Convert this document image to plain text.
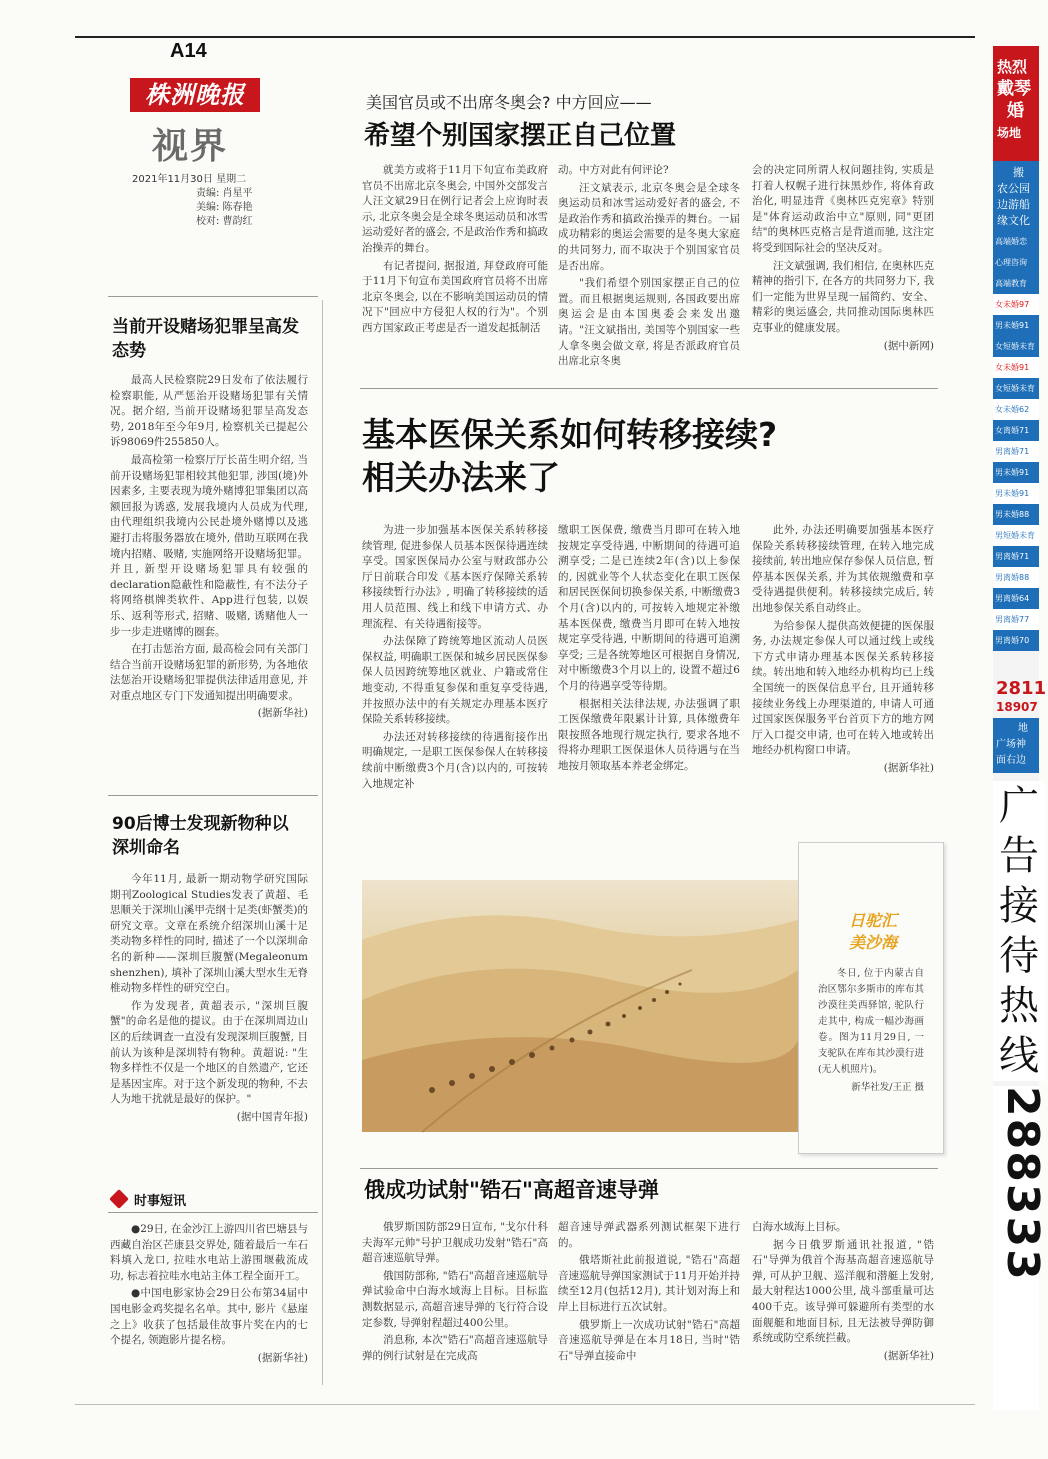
A14
株洲晚报
视界
2021年11月30日 星期二
责编: 肖星平
美编: 陈春艳
校对: 曹韵红
美国官员或不出席冬奥会? 中方回应——
希望个别国家摆正自己位置

就美方或将于11月下旬宣布美政府官员不出席北京冬奥会, 中国外交部发言人汪文斌29日在例行记者会上应询时表示, 北京冬奥会是全球冬奥运动员和冰雪运动爱好者的盛会, 不是政治作秀和搞政治操弄的舞台。

有记者提问, 据报道, 拜登政府可能于11月下旬宣布美国政府官员将不出席北京冬奥会, 以在不影响美国运动员的情况下"回应中方侵犯人权的行为"。个别西方国家政正考虑是否一道发起抵制活

动。中方对此有何评论?

汪文斌表示, 北京冬奥会是全球冬奥运动员和冰雪运动爱好者的盛会, 不是政治作秀和搞政治操弄的舞台。一届成功精彩的奥运会需要的是冬奥大家庭的共同努力, 而不取决于个别国家官员是否出席。

"我们希望个别国家摆正自己的位置。而且根据奥运规则, 各国政要出席奥运会是由本国奥委会来发出邀请。"汪文斌指出, 美国等个别国家一些人拿冬奥会做文章, 将是否派政府官员出席北京冬奥

会的决定同所谓人权问题挂钩, 实质是打着人权幌子进行抹黑炒作, 将体育政治化, 明显违背《奥林匹克宪章》特别是"体育运动政治中立"原则, 同"更团结"的奥林匹克格言是背道而驰, 这注定将受到国际社会的坚决反对。

汪文斌强调, 我们相信, 在奥林匹克精神的指引下, 在各方的共同努力下, 我们一定能为世界呈现一届简约、安全、精彩的奥运盛会, 共同推动国际奥林匹克事业的健康发展。

(据中新网)

当前开设赌场犯罪呈高发态势

最高人民检察院29日发布了依法履行检察职能, 从严惩治开设赌场犯罪有关情况。据介绍, 当前开设赌场犯罪呈高发态势, 2018年至今年9月, 检察机关已提起公诉98069件255850人。

最高检第一检察厅厅长苗生明介绍, 当前开设赌场犯罪相较其他犯罪, 涉国(境)外因素多, 主要表现为境外赌博犯罪集团以高额回报为诱惑, 发展我境内人员成为代理, 由代理组织我境内公民赴境外赌博以及逃避打击将服务器放在境外, 借助互联网在我境内招赌、吸赌, 实施网络开设赌场犯罪。并且, 新型开设赌场犯罪具有较强的declaration隐蔽性和隐蔽性, 有不法分子将网络棋牌类软件、App进行包装, 以娱乐、返利等形式, 招赌、吸赌, 诱赌他人一步一步走进赌博的圈套。

在打击惩治方面, 最高检会同有关部门结合当前开设赌场犯罪的新形势, 为各地依法惩治开设赌场犯罪提供法律适用意见, 并对重点地区专门下发通知提出明确要求。

(据新华社)

90后博士发现新物种以深圳命名

今年11月, 最新一期动物学研究国际期刊Zoological Studies发表了黄超、毛思顺关于深圳山溪甲壳纲十足类(虾蟹类)的研究文章。文章在系统介绍深圳山溪十足类动物多样性的同时, 描述了一个以深圳命名的新种——深圳巨腹蟹(Megaleonum shenzhen), 填补了深圳山溪大型水生无脊椎动物多样性的研究空白。

作为发现者, 黄超表示, "深圳巨腹蟹"的命名是他的提议。由于在深圳周边山区的后续调查一直没有发现深圳巨腹蟹, 目前认为该种是深圳特有物种。黄超说: "生物多样性不仅是一个地区的自然遗产, 它还是基因宝库。对于这个新发现的物种, 不去人为地干扰就是最好的保护。"

(据中国青年报)

时事短讯

●29日, 在金沙江上游四川省巴塘县与西藏自治区芒康县交界处, 随着最后一车石料填入龙口, 拉哇水电站上游围堰截流成功, 标志着拉哇水电站主体工程全面开工。

●中国电影家协会29日公布第34届中国电影金鸡奖提名名单。其中, 影片《悬崖之上》收获了包括最佳故事片奖在内的七个提名, 领跑影片提名榜。

(据新华社)

基本医保关系如何转移接续?
相关办法来了

为进一步加强基本医保关系转移接续管理, 促进参保人员基本医保待遇连续享受。国家医保局办公室与财政部办公厅日前联合印发《基本医疗保障关系转移接续暂行办法》, 明确了转移接续的适用人员范围、线上和线下申请方式、办理流程、有关待遇衔接等。

办法保障了跨统筹地区流动人员医保权益, 明确职工医保和城乡居民医保参保人员因跨统筹地区就业、户籍或常住地变动, 不得重复参保和重复享受待遇, 并按照办法中的有关规定办理基本医疗保险关系转移接续。

办法还对转移接续的待遇衔接作出明确规定, 一是职工医保参保人在转移接续前中断缴费3个月(含)以内的, 可按转入地规定补

缴职工医保费, 缴费当月即可在转入地按规定享受待遇, 中断期间的待遇可追溯享受; 二是已连续2年(含)以上参保的, 因就业等个人状态变化在职工医保和居民医保间切换参保关系, 中断缴费3个月(含)以内的, 可按转入地规定补缴基本医保费, 缴费当月即可在转入地按规定享受待遇, 中断期间的待遇可追溯享受; 三是各统筹地区可根据自身情况, 对中断缴费3个月以上的, 设置不超过6个月的待遇享受等待期。

根据相关法律法规, 办法强调了职工医保缴费年限累计计算, 具体缴费年限按照各地现行规定执行, 要求各地不得将办理职工医保退休人员待遇与在当地按月领取基本养老金绑定。

此外, 办法还明确要加强基本医疗保险关系转移接续管理, 在转入地完成接续前, 转出地应保存参保人员信息, 暂停基本医保关系, 并为其依规缴费和享受待遇提供便利。转移接续完成后, 转出地参保关系自动终止。

为给参保人提供高效便捷的医保服务, 办法规定参保人可以通过线上或线下方式申请办理基本医保关系转移接续。转出地和转入地经办机构均已上线全国统一的医保信息平台, 且开通转移接续业务线上办理渠道的, 申请人可通过国家医保服务平台首页下方的地方网厅入口提交申请, 也可在转入地或转出地经办机构窗口申请。

(据新华社)

日驼汇
美沙海

冬日, 位于内蒙古自治区鄂尔多斯市的库布其沙漠往美西驿馆, 驼队行走其中, 构成一幅沙海画卷。图为11月29日, 一支驼队在库布其沙漠行进(无人机照片)。

新华社发/王正 摄

俄成功试射"锆石"高超音速导弹

俄罗斯国防部29日宣布, "戈尔什科夫海军元帅"号护卫舰成功发射"锆石"高超音速巡航导弹。

俄国防部称, "锆石"高超音速巡航导弹试验命中白海水域海上目标。目标监测数据显示, 高超音速导弹的飞行符合设定参数, 导弹射程超过400公里。

消息称, 本次"锆石"高超音速巡航导弹的例行试射是在完成高

超音速导弹武器系列测试框架下进行的。

俄塔斯社此前报道说, "锆石"高超音速巡航导弹国家测试于11月开始并持续至12月(包括12月), 其计划对海上和岸上目标进行五次试射。

俄罗斯上一次成功试射"锆石"高超音速巡航导弹是在本月18日, 当时"锆石"导弹直接命中

白海水域海上目标。

据今日俄罗斯通讯社报道, "锆石"导弹为俄首个海基高超音速巡航导弹, 可从护卫舰、巡洋舰和潜艇上发射, 最大射程达1000公里, 战斗部重量可达400千克。该导弹可躲避所有类型的水面舰艇和地面目标, 且无法被导弹防御系统或防空系统拦截。

(据新华社)

热烈
戴琴
婚
场地
搬
农公园
边游船
缘文化
高端婚恋
心理咨询
高端教育
女未婚97
男未婚91
女短婚未育
女未婚91
女短婚未育
女未婚62
女离婚71
男离婚71
男未婚91
男未婚91
男未婚88
男短婚未育
男离婚71
男离婚88
男离婚64
男离婚77
男离婚70
2811
18907
地
广场神
面右边
广
告
接
待
热
线
288333
